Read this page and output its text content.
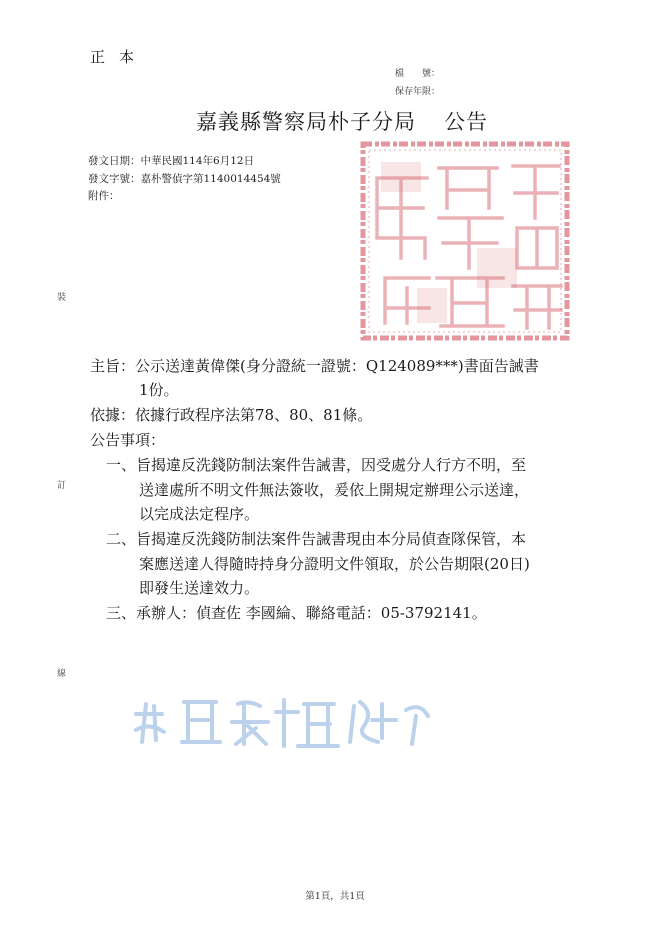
正 本
檔　　號：
保存年限：
嘉義縣警察局朴子分局 公告
發文日期：中華民國114年6月12日
發文字號：嘉朴警偵字第1140014454號
附件：
裝
訂
線
主旨：公示送達黃偉傑(身分證統一證號：Q124089***)書面告誡書
1份。
依據：依據行政程序法第78、80、81條。
公告事項：
一、旨揭違反洗錢防制法案件告誡書，因受處分人行方不明，至
送達處所不明文件無法簽收，爰依上開規定辦理公示送達，
以完成法定程序。
二、旨揭違反洗錢防制法案件告誡書現由本分局偵查隊保管，本
案應送達人得隨時持身分證明文件領取，於公告期限(20日)
即發生送達效力。
三、承辦人：偵查佐 李國綸、聯絡電話：05-3792141。
第1頁，共1頁
